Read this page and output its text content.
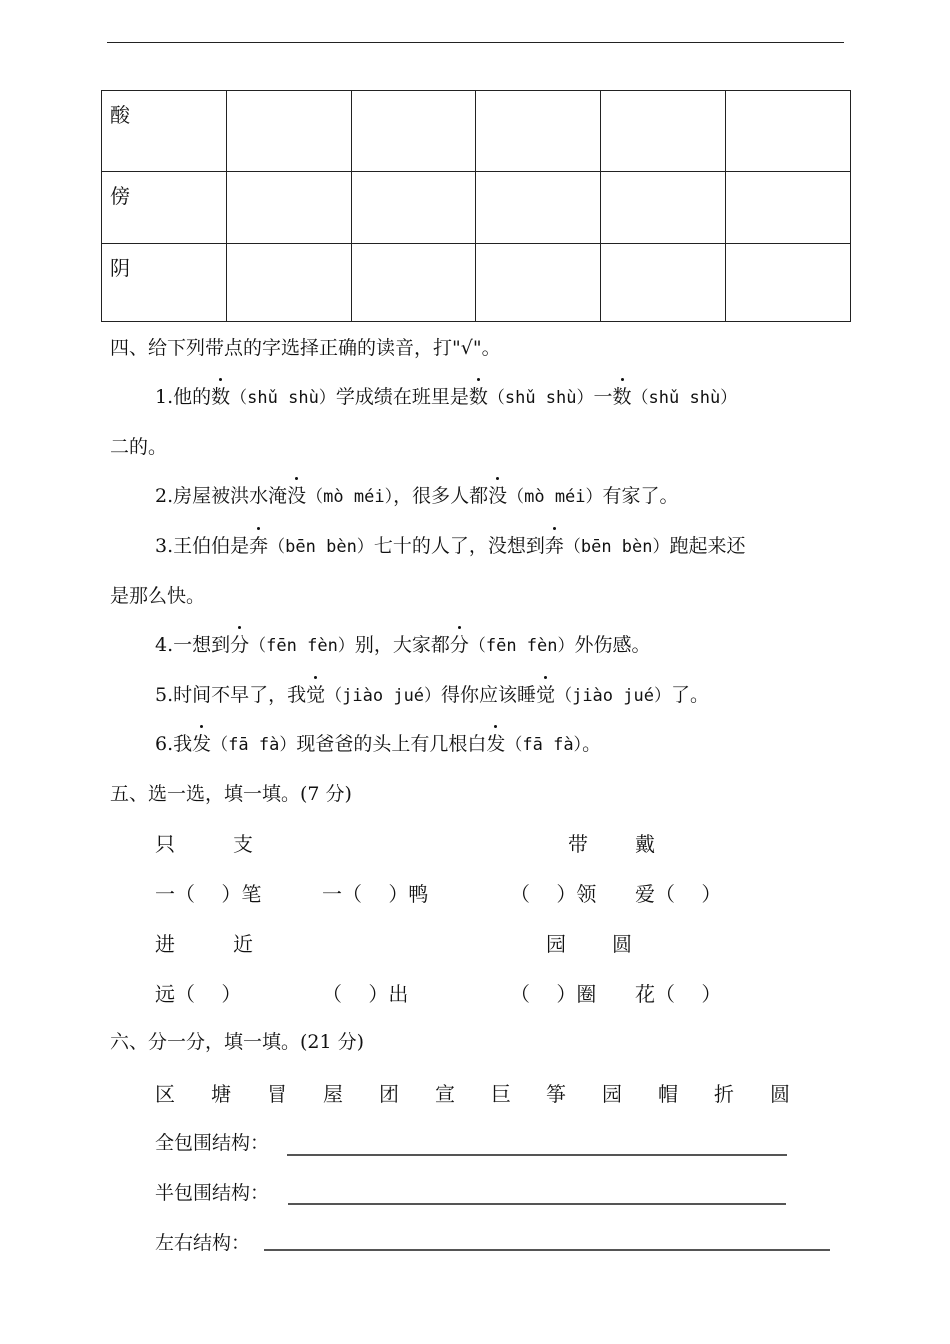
酸					
傍					
阴					
四、给下列带点的字选择正确的读音，打"√"。
1.他的数（shǔ shù）学成绩在班里是数（shǔ shù）一数（shǔ shù）
二的。
2.房屋被洪水淹没（mò méi），很多人都没（mò méi）有家了。
3.王伯伯是奔（bēn bèn）七十的人了，没想到奔（bēn bèn）跑起来还
是那么快。
4.一想到分（fēn fèn）别，大家都分（fēn fèn）外伤感。
5.时间不早了，我觉（jiào jué）得你应该睡觉（jiào jué）了。
6.我发（fā fà）现爸爸的头上有几根白发（fā fà）。
五、选一选，填一填。(7 分)
只	支	带 戴
一（　 ）笔	一（　 ）鸭	（　 ）领 爱（　 ）
进	近	园 圆
远（　 ）	（　 ）出	（　 ）圈 花（　 ）
六、分一分，填一填。(21 分)
区 塘 冒 屋 团 宣 巨 筝 园 帽 折 圆
全包围结构：
半包围结构：
左右结构：
